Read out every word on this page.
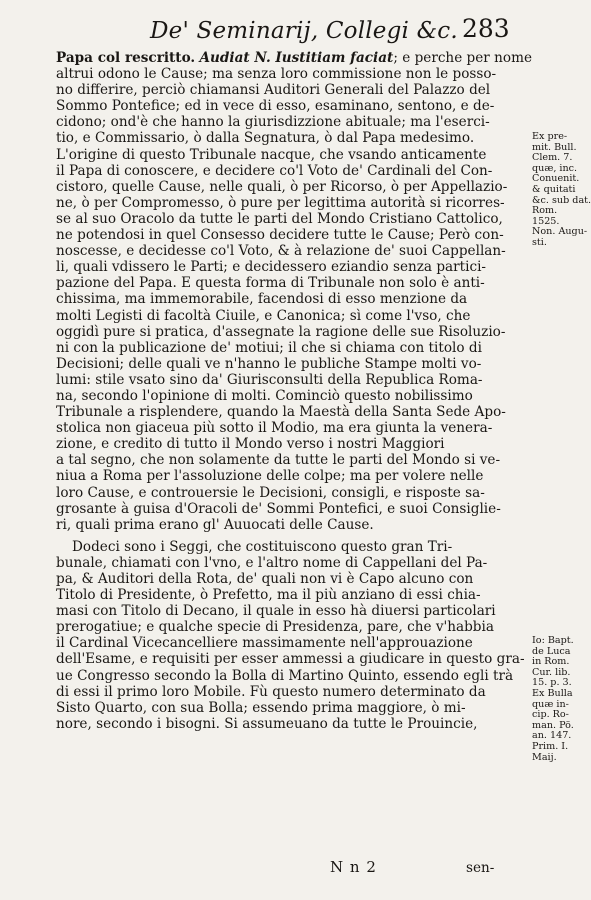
De' Seminarij, Collegi &c. 283

Papa col rescritto. Audiat N. Iustitiam faciat; e perche per nome
altrui odono le Cause; ma senza loro commissione non le posso-
no differire, perciò chiamansi Auditori Generali del Palazzo del
Sommo Pontefice; ed in vece di esso, esaminano, sentono, e de-
cidono; ond'è che hanno la giurisdizzione abituale; ma l'eserci-
tio, e Commissario, ò dalla Segnatura, ò dal Papa medesimo.
L'origine di questo Tribunale nacque, che vsando anticamente
il Papa di conoscere, e decidere co'l Voto de' Cardinali del Con-
cistoro, quelle Cause, nelle quali, ò per Ricorso, ò per Appellazio-
ne, ò per Compromesso, ò pure per legittima autorità si ricorres-
se al suo Oracolo da tutte le parti del Mondo Cristiano Cattolico,
ne potendosi in quel Consesso decidere tutte le Cause; Però con-
noscesse, e decidesse co'l Voto, & à relazione de' suoi Cappellan-
li, quali vdissero le Parti; e decidessero eziandio senza partici-
pazione del Papa. E questa forma di Tribunale non solo è anti-
chissima, ma immemorabile, facendosi di esso menzione da
molti Legisti di facoltà Ciuile, e Canonica; sì come l'vso, che
oggidì pure si pratica, d'assegnate la ragione delle sue Risoluzio-
ni con la publicazione de' motiui; il che si chiama con titolo di
Decisioni; delle quali ve n'hanno le publiche Stampe molti vo-
lumi: stile vsato sino da' Giurisconsulti della Republica Roma-
na, secondo l'opinione di molti. Cominciò questo nobilissimo
Tribunale a risplendere, quando la Maestà della Santa Sede Apo-
stolica non giaceua più sotto il Modio, ma era giunta la venera-
zione, e credito di tutto il Mondo verso i nostri Maggiori
a tal segno, che non solamente da tutte le parti del Mondo si ve-
niua a Roma per l'assoluzione delle colpe; ma per volere nelle
loro Cause, e controuersie le Decisioni, consigli, e risposte sa-
grosante à guisa d'Oracoli de' Sommi Pontefici, e suoi Consiglie-
ri, quali prima erano gl' Auuocati delle Cause.

Dodeci sono i Seggi, che costituiscono questo gran Tri-
bunale, chiamati con l'vno, e l'altro nome di Cappellani del Pa-
pa, & Auditori della Rota, de' quali non vi è Capo alcuno con
Titolo di Presidente, ò Prefetto, ma il più anziano di essi chia-
masi con Titolo di Decano, il quale in esso hà diuersi particolari
prerogatiue; e qualche specie di Presidenza, pare, che v'habbia
il Cardinal Vicecancelliere massimamente nell'approuazione
dell'Esame, e requisiti per esser ammessi a giudicare in questo gra-
ue Congresso secondo la Bolla di Martino Quinto, essendo egli trà
di essi il primo loro Mobile. Fù questo numero determinato da
Sisto Quarto, con sua Bolla; essendo prima maggiore, ò mi-
nore, secondo i bisogni. Si assumeuano da tutte le Prouincie,

Ex pre-
mit. Bull.
Clem. 7.
quæ, inc.
Conuenit.
& quitati
&c. sub dat.
Rom.
1525.
Non. Augu-
sti.
Io: Bapt.
de Luca
in Rom.
Cur. lib.
15. p. 3.
Ex Bulla
quæ in-
cip. Ro-
man. Pö.
an. 147.
Prim. I.
Maij.
N n 2	sen-
